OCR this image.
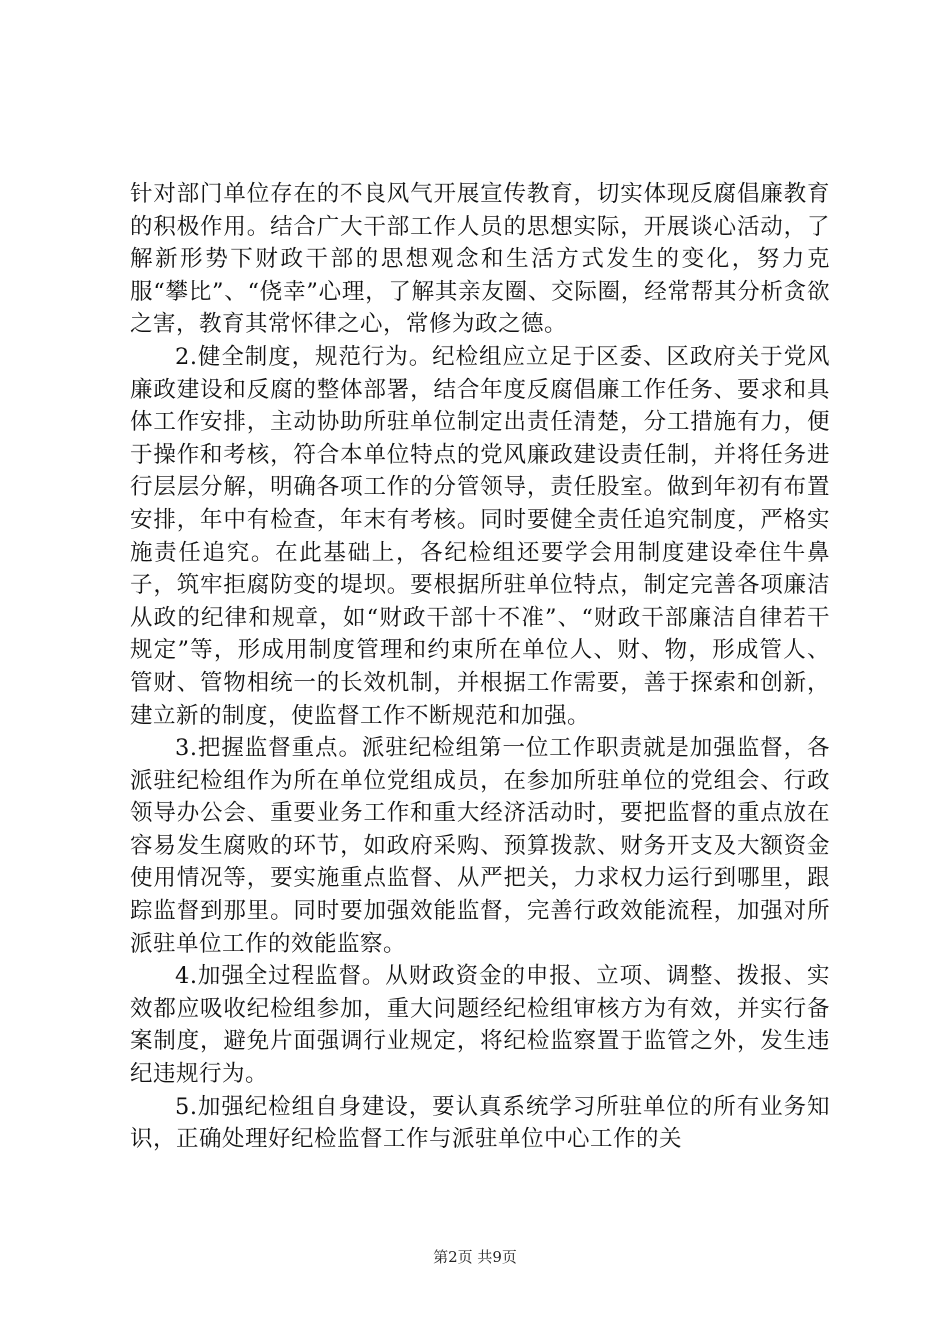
针对部门单位存在的不良风气开展宣传教育，切实体现反腐倡廉教育的积极作用。结合广大干部工作人员的思想实际，开展谈心活动，了解新形势下财政干部的思想观念和生活方式发生的变化，努力克服“攀比”、“侥幸”心理，了解其亲友圈、交际圈，经常帮其分析贪欲之害，教育其常怀律之心，常修为政之德。

2.健全制度，规范行为。纪检组应立足于区委、区政府关于党风廉政建设和反腐的整体部署，结合年度反腐倡廉工作任务、要求和具体工作安排，主动协助所驻单位制定出责任清楚，分工措施有力，便于操作和考核，符合本单位特点的党风廉政建设责任制，并将任务进行层层分解，明确各项工作的分管领导，责任股室。做到年初有布置安排，年中有检查，年末有考核。同时要健全责任追究制度，严格实施责任追究。在此基础上，各纪检组还要学会用制度建设牵住牛鼻子，筑牢拒腐防变的堤坝。要根据所驻单位特点，制定完善各项廉洁从政的纪律和规章，如“财政干部十不准”、“财政干部廉洁自律若干规定”等，形成用制度管理和约束所在单位人、财、物，形成管人、管财、管物相统一的长效机制，并根据工作需要，善于探索和创新，建立新的制度，使监督工作不断规范和加强。

3.把握监督重点。派驻纪检组第一位工作职责就是加强监督，各派驻纪检组作为所在单位党组成员，在参加所驻单位的党组会、行政领导办公会、重要业务工作和重大经济活动时，要把监督的重点放在容易发生腐败的环节，如政府采购、预算拨款、财务开支及大额资金使用情况等，要实施重点监督、从严把关，力求权力运行到哪里，跟踪监督到那里。同时要加强效能监督，完善行政效能流程，加强对所派驻单位工作的效能监察。

4.加强全过程监督。从财政资金的申报、立项、调整、拨报、实效都应吸收纪检组参加，重大问题经纪检组审核方为有效，并实行备案制度，避免片面强调行业规定，将纪检监察置于监管之外，发生违纪违规行为。

5.加强纪检组自身建设，要认真系统学习所驻单位的所有业务知识，正确处理好纪检监督工作与派驻单位中心工作的关

第2页 共9页
